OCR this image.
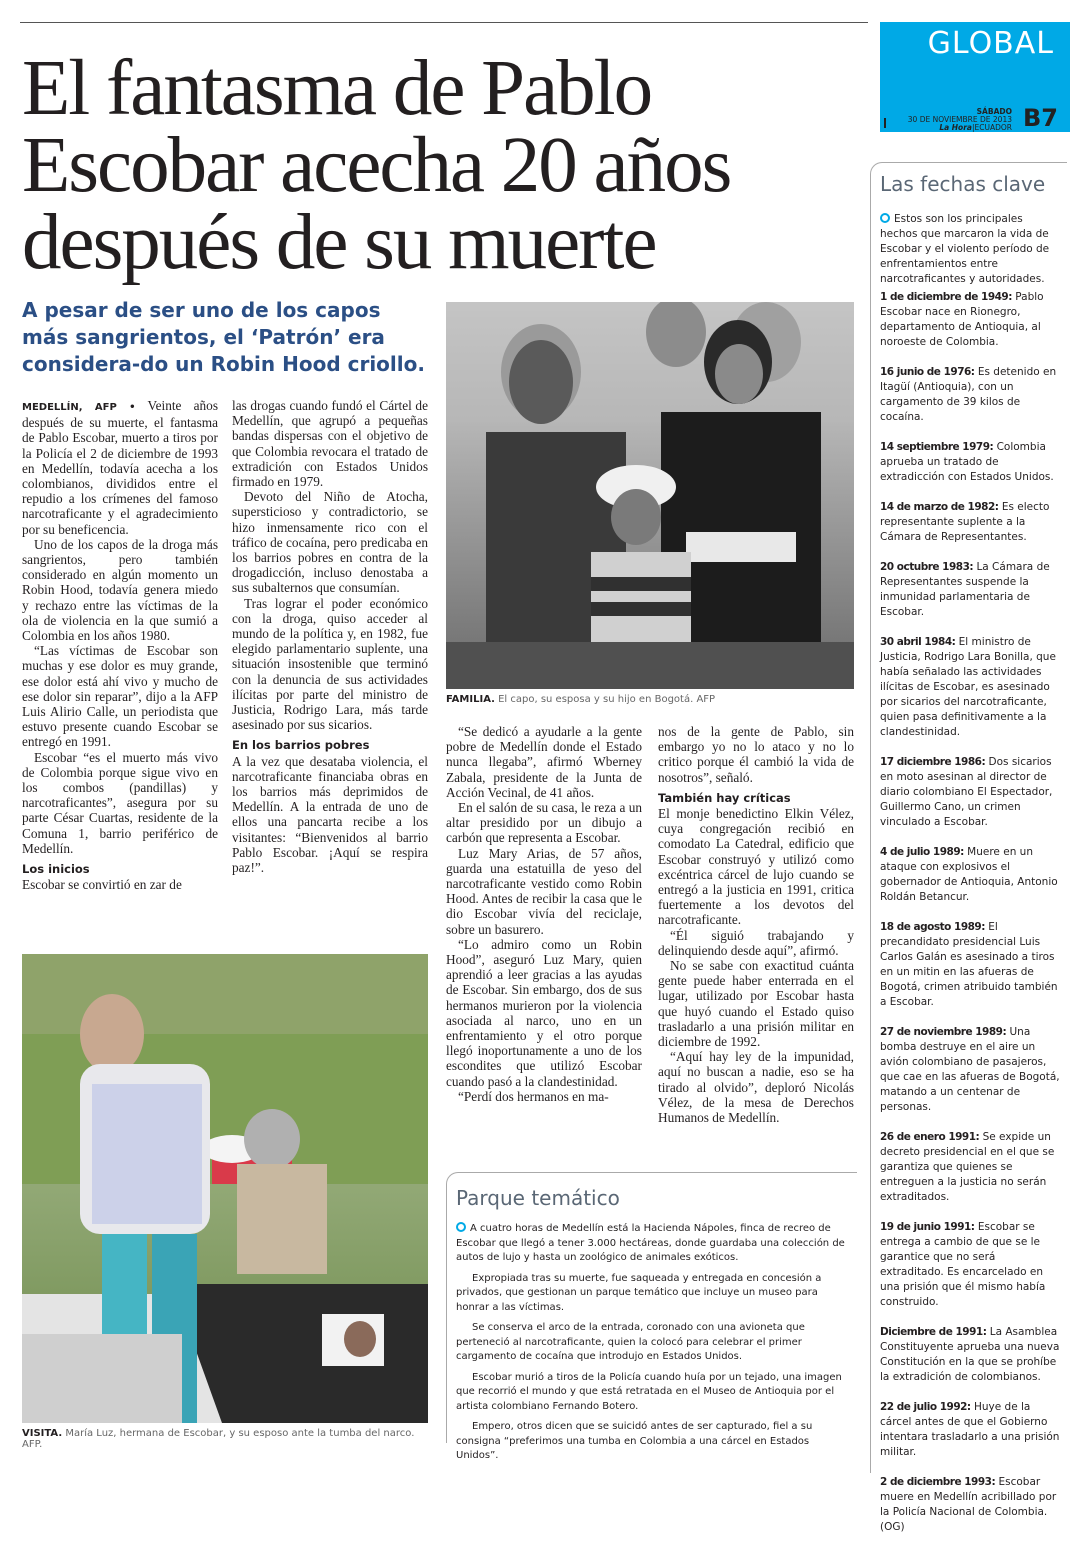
GLOBAL
SÁBADO
30 DE NOVIEMBRE DE 2013
La Hora|ECUADOR B7
El fantasma de Pablo Escobar acecha 20 años después de su muerte
A pesar de ser uno de los capos más sangrientos, el ‘Patrón’ era considera-do un Robin Hood criollo.
FAMILIA. El capo, su esposa y su hijo en Bogotá. AFP

MEDELLÍN, AFP • Veinte años después de su muerte, el fantasma de Pablo Escobar, muerto a tiros por la Policía el 2 de diciembre de 1993 en Medellín, todavía acecha a los colombianos, divididos entre el repudio a los crímenes del famoso narcotraficante y el agradecimiento por su beneficencia.

Uno de los capos de la droga más sangrientos, pero también considerado en algún momento un Robin Hood, todavía genera miedo y rechazo entre las víctimas de la ola de violencia en la que sumió a Colombia en los años 1980.

“Las víctimas de Escobar son muchas y ese dolor es muy grande, ese dolor está ahí vivo y mucho de ese dolor sin reparar”, dijo a la AFP Luis Alirio Calle, un periodista que estuvo presente cuando Escobar se entregó en 1991.

Escobar “es el muerto más vivo de Colombia porque sigue vivo en los combos (pandillas) y narcotraficantes”, asegura por su parte César Cuartas, residente de la Comuna 1, barrio periférico de Medellín.

Los inicios

Escobar se convirtió en zar de

las drogas cuando fundó el Cártel de Medellín, que agrupó a pequeñas bandas dispersas con el objetivo de que Colombia revocara el tratado de extradición con Estados Unidos firmado en 1979.

Devoto del Niño de Atocha, supersticioso y contradictorio, se hizo inmensamente rico con el tráfico de cocaína, pero predicaba en los barrios pobres en contra de la drogadicción, incluso denostaba a sus subalternos que consumían.

Tras lograr el poder económico con la droga, quiso acceder al mundo de la política y, en 1982, fue elegido parlamentario suplente, una situación insostenible que terminó con la denuncia de sus actividades ilícitas por parte del ministro de Justicia, Rodrigo Lara, más tarde asesinado por sus sicarios.

En los barrios pobres

A la vez que desataba violencia, el narcotraficante financiaba obras en los barrios más deprimidos de Medellín. A la entrada de uno de ellos una pancarta recibe a los visitantes: “Bienvenidos al barrio Pablo Escobar. ¡Aquí se respira paz!”.

VISITA. María Luz, hermana de Escobar, y su esposo ante la tumba del narco. AFP.

“Se dedicó a ayudarle a la gente pobre de Medellín donde el Estado nunca llegaba”, afirmó Wberney Zabala, presidente de la Junta de Acción Vecinal, de 41 años.

En el salón de su casa, le reza a un altar presidido por un dibujo a carbón que representa a Escobar.

Luz Mary Arias, de 57 años, guarda una estatuilla de yeso del narcotraficante vestido como Robin Hood. Antes de recibir la casa que le dio Escobar vivía del reciclaje, sobre un basurero.

“Lo admiro como un Robin Hood”, aseguró Luz Mary, quien aprendió a leer gracias a las ayudas de Escobar. Sin embargo, dos de sus hermanos murieron por la violencia asociada al narco, uno en un enfrentamiento y el otro porque llegó inoportunamente a uno de los escondites que utilizó Escobar cuando pasó a la clandestinidad.

“Perdí dos hermanos en ma-

nos de la gente de Pablo, sin embargo yo no lo ataco y no lo critico porque él cambió la vida de nosotros”, señaló.

También hay críticas

El monje benedictino Elkin Vélez, cuya congregación recibió en comodato La Catedral, edificio que Escobar construyó y utilizó como excéntrica cárcel de lujo cuando se entregó a la justicia en 1991, critica fuertemente a los devotos del narcotraficante.

“Él siguió trabajando y delinquiendo desde aquí”, afirmó.

No se sabe con exactitud cuánta gente puede haber enterrada en el lugar, utilizado por Escobar hasta que huyó cuando el Estado quiso trasladarlo a una prisión militar en diciembre de 1992.

“Aquí hay ley de la impunidad, aquí no buscan a nadie, eso se ha tirado al olvido”, deploró Nicolás Vélez, de la mesa de Derechos Humanos de Medellín.

Parque temático

A cuatro horas de Medellín está la Hacienda Nápoles, finca de recreo de Escobar que llegó a tener 3.000 hectáreas, donde guardaba una colección de autos de lujo y hasta un zoológico de animales exóticos.

Expropiada tras su muerte, fue saqueada y entregada en concesión a privados, que gestionan un parque temático que incluye un museo para honrar a las víctimas.

Se conserva el arco de la entrada, coronado con una avioneta que perteneció al narcotraficante, quien la colocó para celebrar el primer cargamento de cocaína que introdujo en Estados Unidos.

Escobar murió a tiros de la Policía cuando huía por un tejado, una imagen que recorrió el mundo y que está retratada en el Museo de Antioquia por el artista colombiano Fernando Botero.

Empero, otros dicen que se suicidó antes de ser capturado, fiel a su consigna “preferimos una tumba en Colombia a una cárcel en Estados Unidos”.

Las fechas clave
Estos son los principales hechos que marcaron la vida de Escobar y el violento período de enfrentamientos entre narcotraficantes y autoridades.
1 de diciembre de 1949: Pablo Escobar nace en Rionegro, departamento de Antioquia, al noroeste de Colombia.
16 junio de 1976: Es detenido en Itagüí (Antioquia), con un cargamento de 39 kilos de cocaína.
14 septiembre 1979: Colombia aprueba un tratado de extradicción con Estados Unidos.
14 de marzo de 1982: Es electo representante suplente a la Cámara de Representantes.
20 octubre 1983: La Cámara de Representantes suspende la inmunidad parlamentaria de Escobar.
30 abril 1984: El ministro de Justicia, Rodrigo Lara Bonilla, que había señalado las actividades ilícitas de Escobar, es asesinado por sicarios del narcotraficante, quien pasa definitivamente a la clandestinidad.
17 diciembre 1986: Dos sicarios en moto asesinan al director de diario colombiano El Espectador, Guillermo Cano, un crimen vinculado a Escobar.
4 de julio 1989: Muere en un ataque con explosivos el gobernador de Antioquia, Antonio Roldán Betancur.
18 de agosto 1989: El precandidato presidencial Luis Carlos Galán es asesinado a tiros en un mitin en las afueras de Bogotá, crimen atribuido también a Escobar.
27 de noviembre 1989: Una bomba destruye en el aire un avión colombiano de pasajeros, que cae en las afueras de Bogotá, matando a un centenar de personas.
26 de enero 1991: Se expide un decreto presidencial en el que se garantiza que quienes se entreguen a la justicia no serán extraditados.
19 de junio 1991: Escobar se entrega a cambio de que se le garantice que no será extraditado. Es encarcelado en una prisión que él mismo había construido.
Diciembre de 1991: La Asamblea Constituyente aprueba una nueva Constitución en la que se prohíbe la extradición de colombianos.
22 de julio 1992: Huye de la cárcel antes de que el Gobierno intentara trasladarlo a una prisión militar.
2 de diciembre 1993: Escobar muere en Medellín acribillado por la Policía Nacional de Colombia. (OG)
